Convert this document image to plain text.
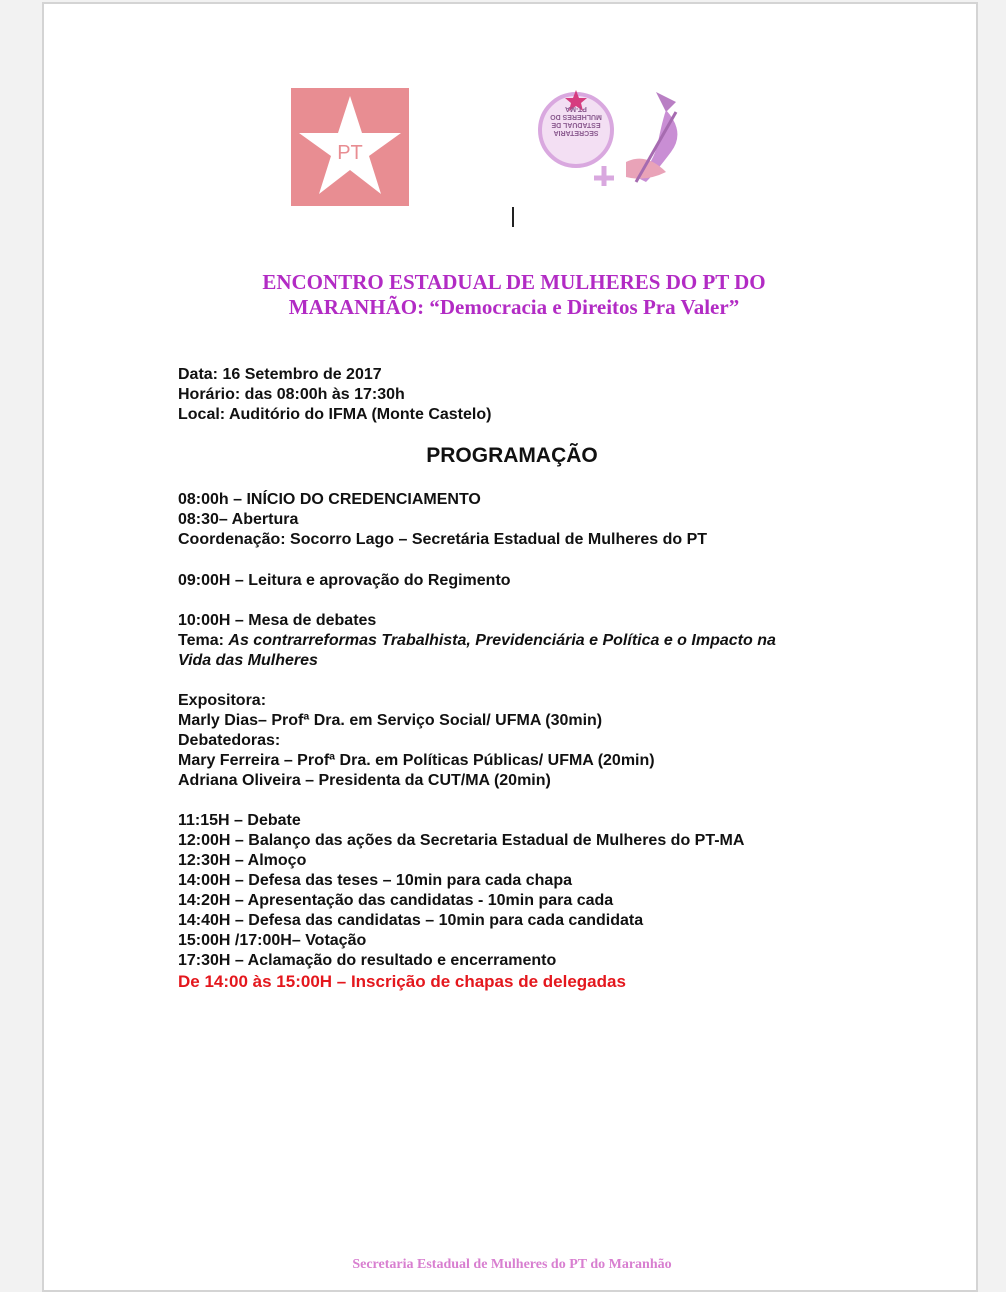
PT
SECRETARIA ESTADUAL DE MULHERES DO PT-MA
ENCONTRO ESTADUAL DE MULHERES DO PT DO
MARANHÃO: “Democracia e Direitos Pra Valer”
Data: 16 Setembro de 2017
Horário: das 08:00h às 17:30h
Local: Auditório do IFMA (Monte Castelo)
PROGRAMAÇÃO
08:00h – INÍCIO DO CREDENCIAMENTO
08:30– Abertura
Coordenação: Socorro Lago – Secretária Estadual de Mulheres do PT
09:00H – Leitura e aprovação do Regimento
10:00H – Mesa de debates
Tema: As contrarreformas Trabalhista, Previdenciária e Política e o Impacto na
Vida das Mulheres
Expositora:
Marly Dias– Profª Dra. em Serviço Social/ UFMA (30min)
Debatedoras:
Mary Ferreira – Profª Dra. em Políticas Públicas/ UFMA (20min)
Adriana Oliveira – Presidenta da CUT/MA (20min)
11:15H – Debate
12:00H – Balanço das ações da Secretaria Estadual de Mulheres do PT-MA
12:30H – Almoço
14:00H – Defesa das teses – 10min para cada chapa
14:20H – Apresentação das candidatas - 10min para cada
14:40H – Defesa das candidatas – 10min para cada candidata
15:00H /17:00H– Votação
17:30H – Aclamação do resultado e encerramento
De 14:00 às 15:00H – Inscrição de chapas de delegadas
Secretaria Estadual de Mulheres do PT do Maranhão
